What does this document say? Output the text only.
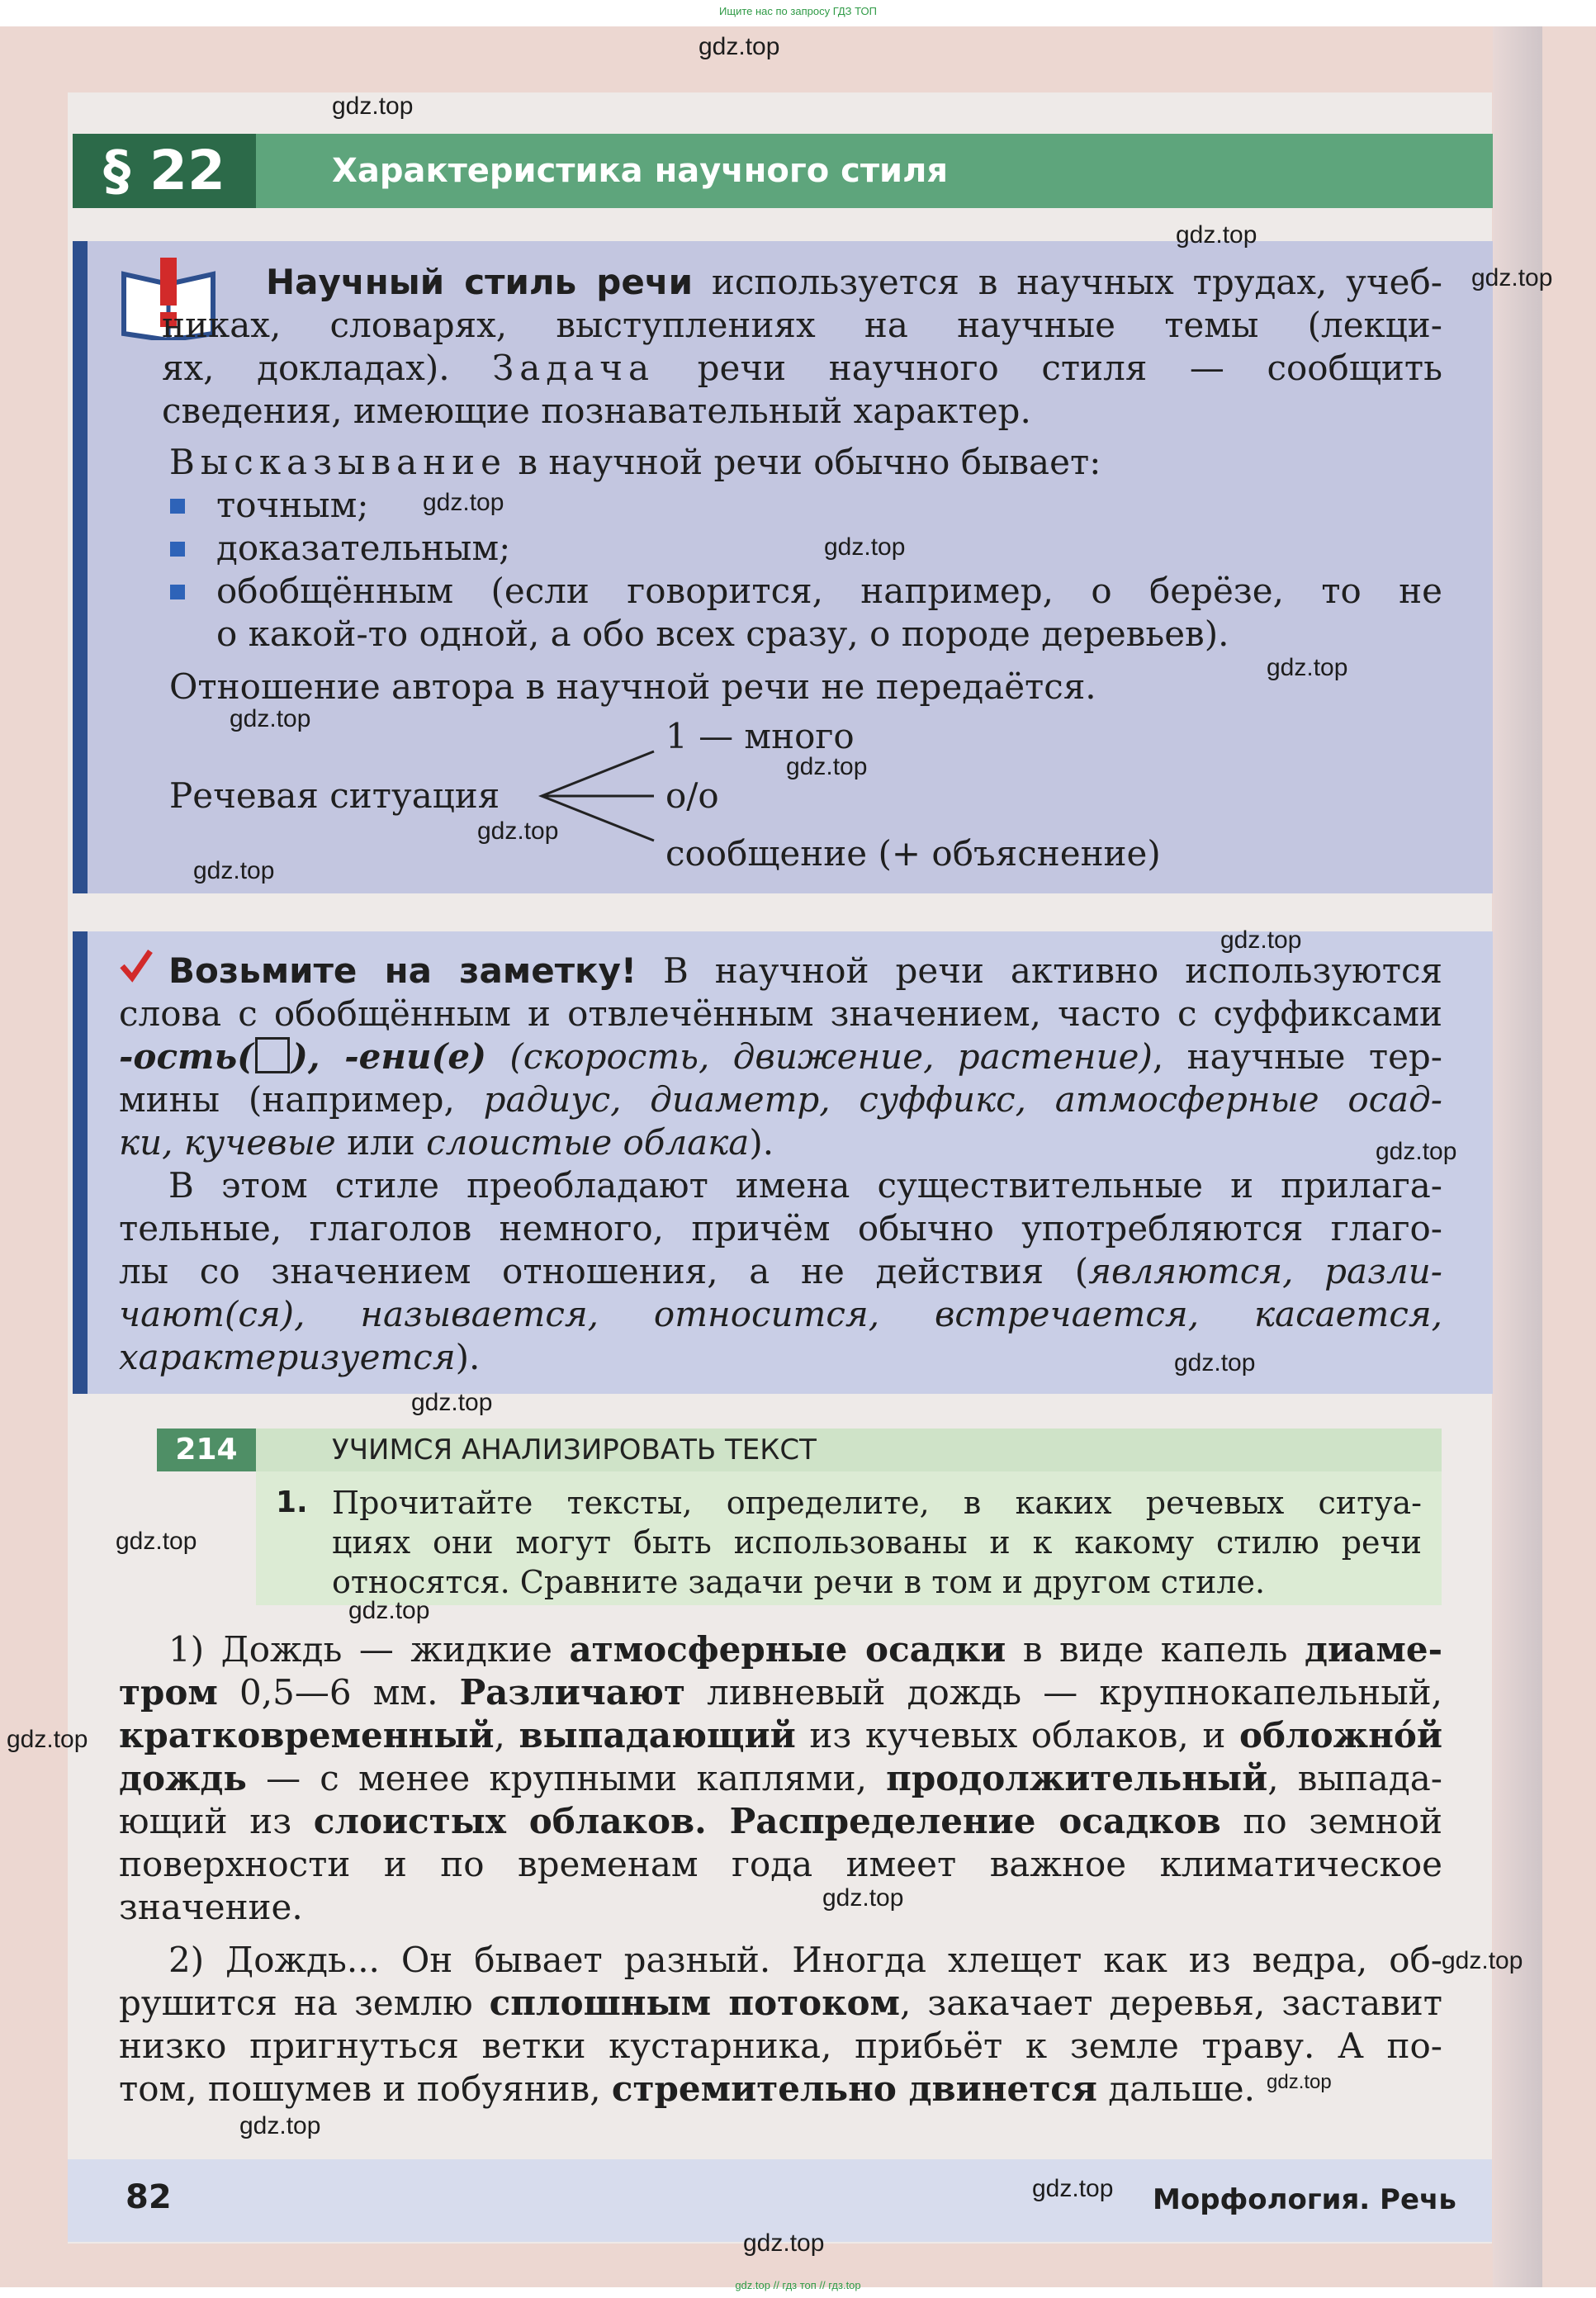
Ищите нас по запросу ГДЗ ТОП
§ 22	Характеристика научного стиля
Научный стиль речи используется в научных трудах, учеб-
никах, словарях, выступлениях на научные темы (лекци-
ях, докладах). Задача речи научного стиля — сообщить
сведения, имеющие познавательный характер.
Высказывание в научной речи обычно бывает:
точным;
доказательным;
обобщённым (если говорится, например, о берёзе, то не
о какой-то одной, а обо всех сразу, о породе деревьев).
Отношение автора в научной речи не передаётся.
Речевая ситуация
1 — много
о/о
сообщение (+ объяснение)
Возьмите на заметку! В научной речи активно используются
слова с обобщённым и отвлечённым значением, часто с суффиксами
-ость( ), -ени(е) (скорость, движение, растение), научные тер-
мины (например, радиус, диаметр, суффикс, атмосферные осад-
ки, кучевые или слоистые облака).
В этом стиле преобладают имена существительные и прилага-
тельные, глаголов немного, причём обычно употребляются глаго-
лы со значением отношения, а не действия (являются, разли-
чают(ся), называется, относится, встречается, касается,
характеризуется).
УЧИМСЯ АНАЛИЗИРОВАТЬ ТЕКСТ
214
1. Прочитайте тексты, определите, в каких речевых ситуа-
циях они могут быть использованы и к какому стилю речи
относятся. Сравните задачи речи в том и другом стиле.
1) Дождь — жидкие атмосферные осадки в виде капель диаме-
тром 0,5—6 мм. Различают ливневый дождь — крупнокапельный,
кратковременный, выпадающий из кучевых облаков, и обложнóй
дождь — с менее крупными каплями, продолжительный, выпада-
ющий из слоистых облаков. Распределение осадков по земной
поверхности и по временам года имеет важное климатическое
значение.
2) Дождь... Он бывает разный. Иногда хлещет как из ведра, об-
рушится на землю сплошным потоком, закачает деревья, заставит
низко пригнуться ветки кустарника, прибьёт к земле траву. А по-
том, пошумев и побуянив, стремительно двинется дальше.
82	Морфология. Речь
gdz.top
gdz.top
gdz.top
gdz.top
gdz.top
gdz.top
gdz.top
gdz.top
gdz.top
gdz.top
gdz.top
gdz.top
gdz.top
gdz.top
gdz.top
gdz.top
gdz.top
gdz.top
gdz.top
gdz.top
gdz.top
gdz.top
gdz.top
gdz.top
gdz.top // гдз топ // гдз.top
